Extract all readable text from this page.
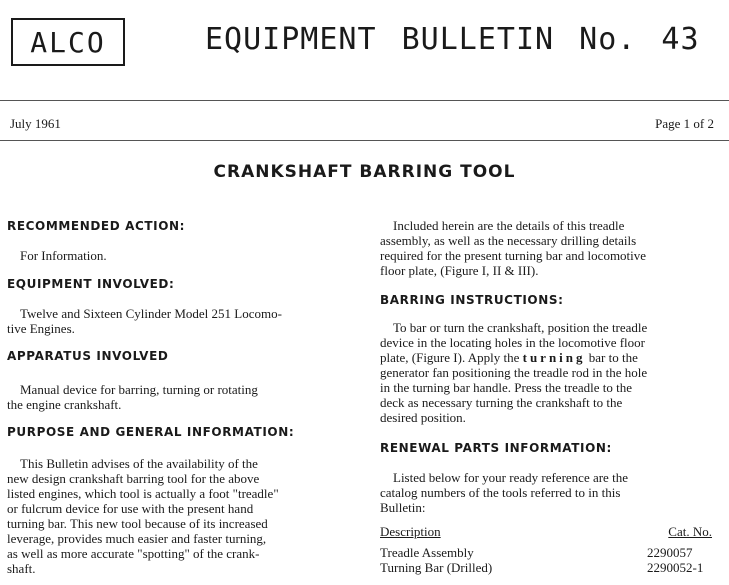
ALCO	EQUIPMENT BULLETIN No. 43
July 1961	Page 1 of 2
CRANKSHAFT BARRING TOOL
RECOMMENDED ACTION:
For Information.
EQUIPMENT INVOLVED:
Twelve and Sixteen Cylinder Model 251 Locomo-
tive Engines.
APPARATUS INVOLVED
Manual device for barring, turning or rotating
the engine crankshaft.
PURPOSE AND GENERAL INFORMATION:
This Bulletin advises of the availability of the
new design crankshaft barring tool for the above
listed engines, which tool is actually a foot "treadle"
or fulcrum device for use with the present hand
turning bar. This new tool because of its increased
leverage, provides much easier and faster turning,
as well as more accurate "spotting" of the crank-
shaft.
Included herein are the details of this treadle
assembly, as well as the necessary drilling details
required for the present turning bar and locomotive
floor plate, (Figure I, II & III).
BARRING INSTRUCTIONS:
To bar or turn the crankshaft, position the treadle
device in the locating holes in the locomotive floor
plate, (Figure I). Apply the turning bar to the
generator fan positioning the treadle rod in the hole
in the turning bar handle. Press the treadle to the
deck as necessary turning the crankshaft to the
desired position.
RENEWAL PARTS INFORMATION:
Listed below for your ready reference are the
catalog numbers of the tools referred to in this
Bulletin:
Description	Cat. No.
Treadle Assembly	2290057
Turning Bar (Drilled)	2290052-1
